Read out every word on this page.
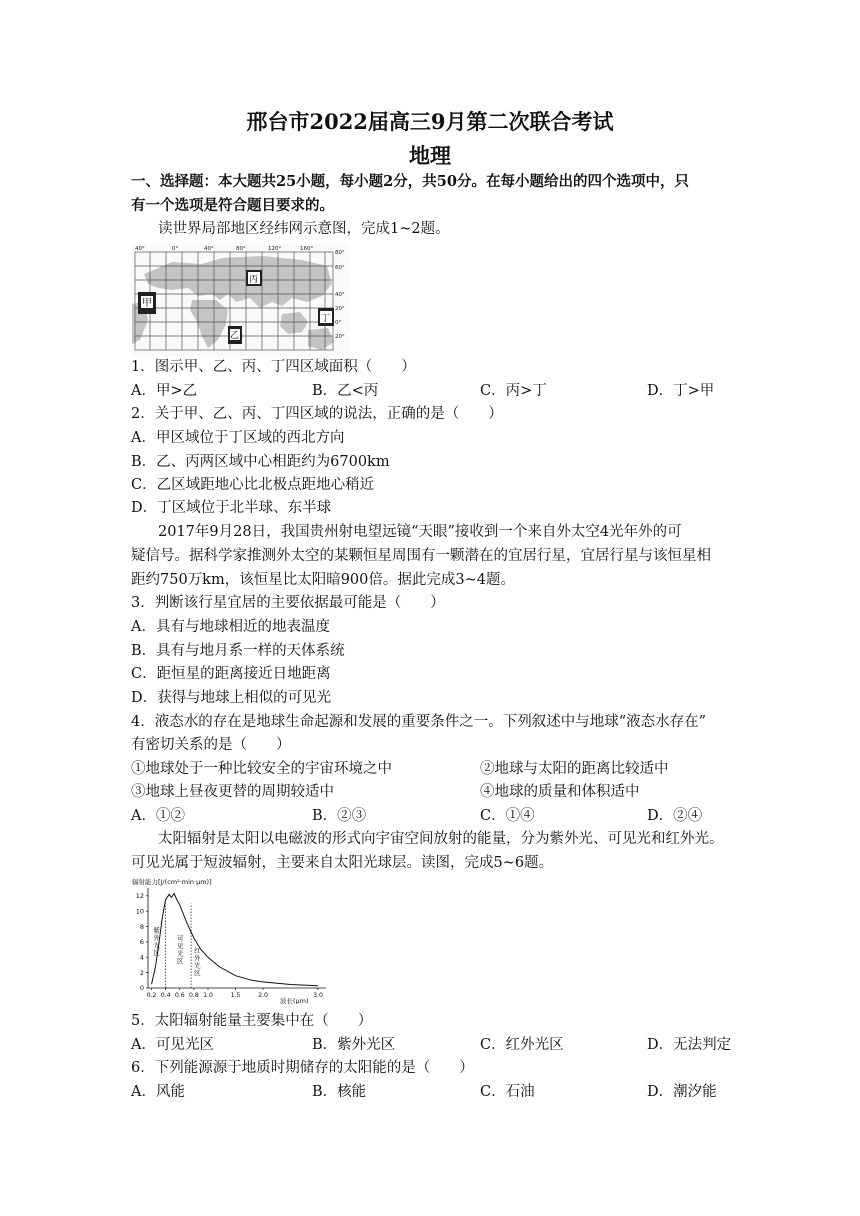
邢台市2022届高三9月第二次联合考试
地理
一、选择题：本大题共25小题，每小题2分，共50分。在每小题给出的四个选项中，只
有一个选项是符合题目要求的。
读世界局部地区经纬网示意图，完成1~2题。
40°	0°	40°	80°	120°	160°
80°
60°
40°
20°
0°
20°
甲
乙
丙
丁
1．图示甲、乙、丙、丁四区域面积（　　）
A．甲>乙	B．乙<丙	C．丙>丁	D．丁>甲
2．关于甲、乙、丙、丁四区域的说法，正确的是（　　）
A．甲区域位于丁区域的西北方向
B．乙、丙两区域中心相距约为6700km
C．乙区域距地心比北极点距地心稍近
D．丁区域位于北半球、东半球
2017年9月28日，我国贵州射电望远镜“天眼”接收到一个来自外太空4光年外的可
疑信号。据科学家推测外太空的某颗恒星周围有一颗潜在的宜居行星，宜居行星与该恒星相
距约750万km，该恒星比太阳暗900倍。据此完成3~4题。
3．判断该行星宜居的主要依据最可能是（　　）
A．具有与地球相近的地表温度
B．具有与地月系一样的天体系统
C．距恒星的距离接近日地距离
D．获得与地球上相似的可见光
4．液态水的存在是地球生命起源和发展的重要条件之一。下列叙述中与地球“液态水存在”
有密切关系的是（　　）
①地球处于一种比较安全的宇宙环境之中	②地球与太阳的距离比较适中
③地球上昼夜更替的周期较适中	④地球的质量和体积适中
A．①②	B．②③	C．①④	D．②④
太阳辐射是太阳以电磁波的形式向宇宙空间放射的能量，分为紫外光、可见光和红外光。
可见光属于短波辐射，主要来自太阳光球层。读图，完成5~6题。
辐射能力[J/(cm²·min·μm)]
0
2
4
6
8
10
12
0.2 0.4 0.6 0.8 1.0	1.5	2.0	3.0
紫
外
光
区
可
见
光
区
红
外
光
区
波长(μm)
5．太阳辐射能量主要集中在（　　）
A．可见光区	B．紫外光区	C．红外光区	D．无法判定
6．下列能源源于地质时期储存的太阳能的是（　　）
A．风能	B．核能	C．石油	D．潮汐能
